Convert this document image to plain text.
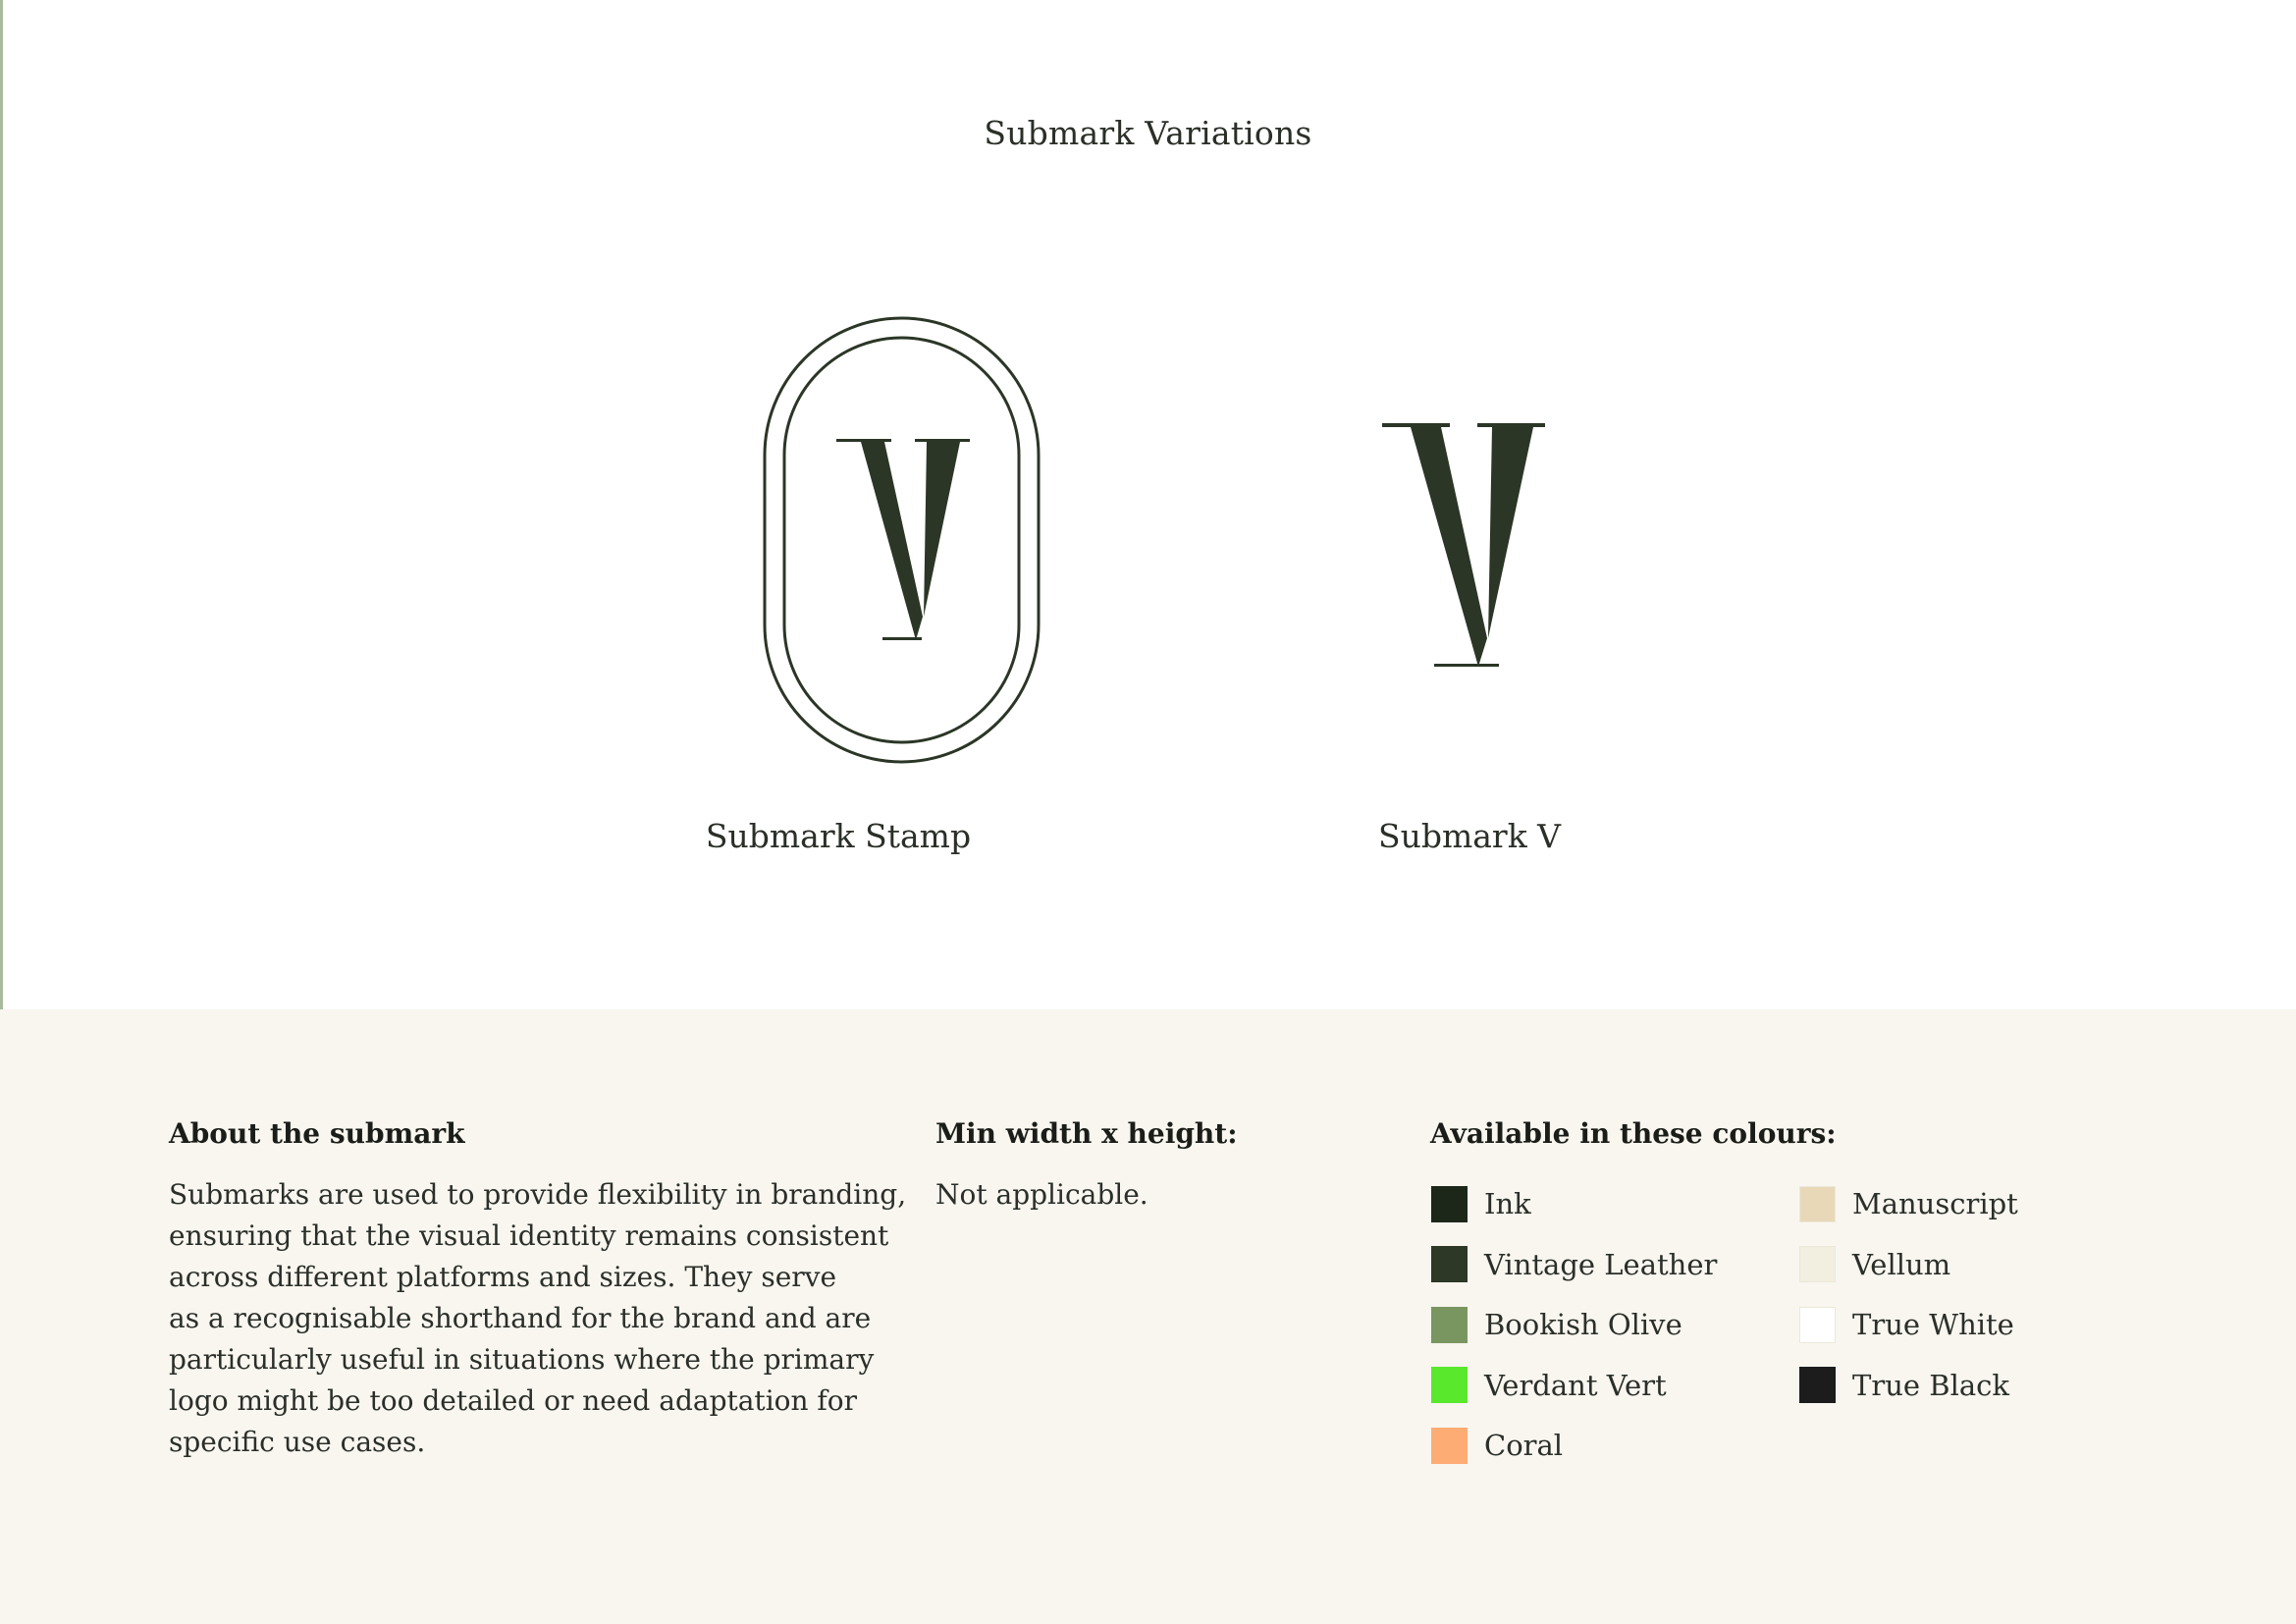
Submark Variations
Submark Stamp	Submark V
About the submark
Submarks are used to provide flexibility in branding,
ensuring that the visual identity remains consistent
across different platforms and sizes. They serve
as a recognisable shorthand for the brand and are
particularly useful in situations where the primary
logo might be too detailed or need adaptation for
specific use cases.
Min width x height:
Not applicable.
Available in these colours:
Ink
Vintage Leather
Bookish Olive
Verdant Vert
Coral
Manuscript
Vellum
True White
True Black
